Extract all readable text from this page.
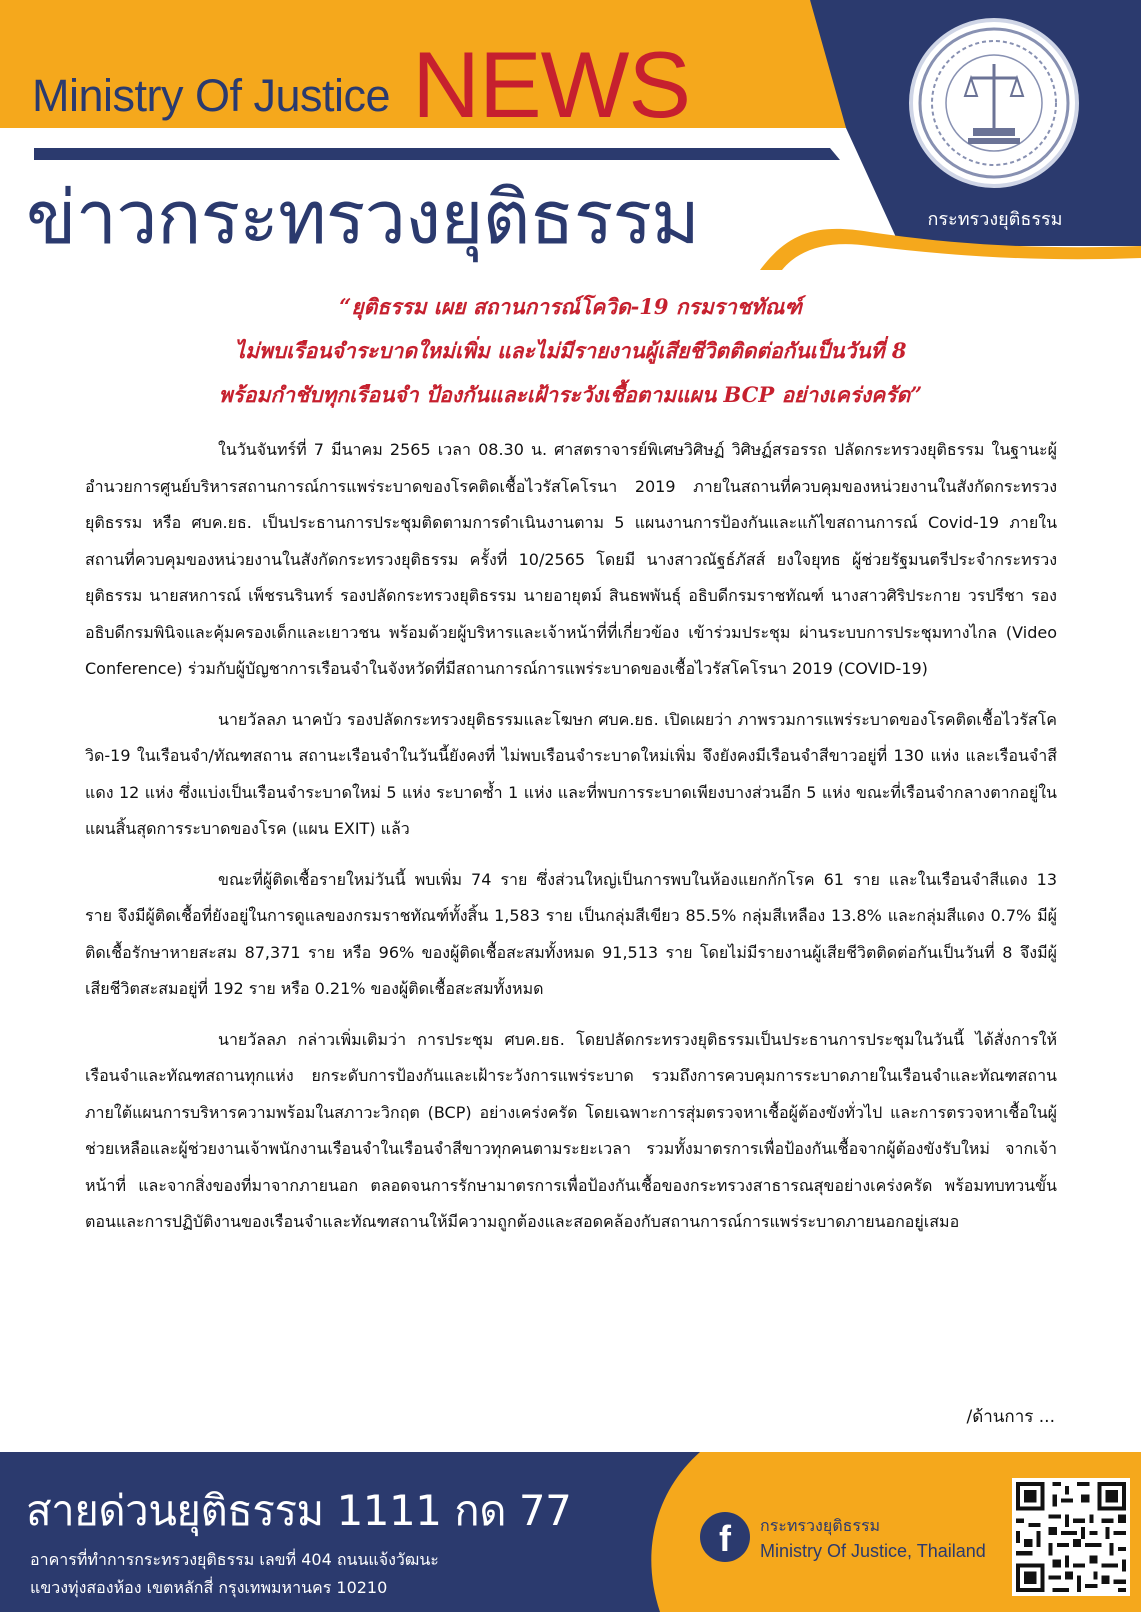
Ministry Of Justice NEWS
ข่าวกระทรวงยุติธรรม	กระทรวงยุติธรรม
“ยุติธรรม เผย สถานการณ์โควิด-19 กรมราชทัณฑ์
ไม่พบเรือนจำระบาดใหม่เพิ่ม และไม่มีรายงานผู้เสียชีวิตติดต่อกันเป็นวันที่ 8
พร้อมกำชับทุกเรือนจำ ป้องกันและเฝ้าระวังเชื้อตามแผน BCP อย่างเคร่งครัด”

ในวันจันทร์ที่ 7 มีนาคม 2565 เวลา 08.30 น. ศาสตราจารย์พิเศษวิศิษฏ์ วิศิษฏ์สรอรรถ ปลัดกระทรวงยุติธรรม ในฐานะผู้อำนวยการศูนย์บริหารสถานการณ์การแพร่ระบาดของโรคติดเชื้อไวรัสโคโรนา 2019 ภายในสถานที่ควบคุมของหน่วยงานในสังกัดกระทรวงยุติธรรม หรือ ศบค.ยธ. เป็นประธานการประชุมติดตามการดำเนินงานตาม 5 แผนงานการป้องกันและแก้ไขสถานการณ์ Covid-19 ภายในสถานที่ควบคุมของหน่วยงานในสังกัดกระทรวงยุติธรรม ครั้งที่ 10/2565 โดยมี นางสาวณัฐธ์ภัสส์ ยงใจยุทธ ผู้ช่วยรัฐมนตรีประจำกระทรวงยุติธรรม นายสหการณ์ เพ็ชรนรินทร์ รองปลัดกระทรวงยุติธรรม นายอายุตม์ สินธพพันธุ์ อธิบดีกรมราชทัณฑ์ นางสาวศิริประกาย วรปรีชา รองอธิบดีกรมพินิจและคุ้มครองเด็กและเยาวชน พร้อมด้วยผู้บริหารและเจ้าหน้าที่ที่เกี่ยวข้อง เข้าร่วมประชุม ผ่านระบบการประชุมทางไกล (Video Conference) ร่วมกับผู้บัญชาการเรือนจำในจังหวัดที่มีสถานการณ์การแพร่ระบาดของเชื้อไวรัสโคโรนา 2019 (COVID-19)

นายวัลลภ นาคบัว รองปลัดกระทรวงยุติธรรมและโฆษก ศบค.ยธ. เปิดเผยว่า ภาพรวมการแพร่ระบาดของโรคติดเชื้อไวรัสโควิด-19 ในเรือนจำ/ทัณฑสถาน สถานะเรือนจำในวันนี้ยังคงที่ ไม่พบเรือนจำระบาดใหม่เพิ่ม จึงยังคงมีเรือนจำสีขาวอยู่ที่ 130 แห่ง และเรือนจำสีแดง 12 แห่ง ซึ่งแบ่งเป็นเรือนจำระบาดใหม่ 5 แห่ง ระบาดซ้ำ 1 แห่ง และที่พบการระบาดเพียงบางส่วนอีก 5 แห่ง ขณะที่เรือนจำกลางตากอยู่ในแผนสิ้นสุดการระบาดของโรค (แผน EXIT) แล้ว

ขณะที่ผู้ติดเชื้อรายใหม่วันนี้ พบเพิ่ม 74 ราย ซึ่งส่วนใหญ่เป็นการพบในห้องแยกกักโรค 61 ราย และในเรือนจำสีแดง 13 ราย จึงมีผู้ติดเชื้อที่ยังอยู่ในการดูแลของกรมราชทัณฑ์ทั้งสิ้น 1,583 ราย เป็นกลุ่มสีเขียว 85.5% กลุ่มสีเหลือง 13.8% และกลุ่มสีแดง 0.7% มีผู้ติดเชื้อรักษาหายสะสม 87,371 ราย หรือ 96% ของผู้ติดเชื้อสะสมทั้งหมด 91,513 ราย โดยไม่มีรายงานผู้เสียชีวิตติดต่อกันเป็นวันที่ 8 จึงมีผู้เสียชีวิตสะสมอยู่ที่ 192 ราย หรือ 0.21% ของผู้ติดเชื้อสะสมทั้งหมด

นายวัลลภ กล่าวเพิ่มเติมว่า การประชุม ศบค.ยธ. โดยปลัดกระทรวงยุติธรรมเป็นประธานการประชุมในวันนี้ ได้สั่งการให้เรือนจำและทัณฑสถานทุกแห่ง ยกระดับการป้องกันและเฝ้าระวังการแพร่ระบาด รวมถึงการควบคุมการระบาดภายในเรือนจำและทัณฑสถานภายใต้แผนการบริหารความพร้อมในสภาวะวิกฤต (BCP) อย่างเคร่งครัด โดยเฉพาะการสุ่มตรวจหาเชื้อผู้ต้องขังทั่วไป และการตรวจหาเชื้อในผู้ช่วยเหลือและผู้ช่วยงานเจ้าพนักงานเรือนจำในเรือนจำสีขาวทุกคนตามระยะเวลา รวมทั้งมาตรการเพื่อป้องกันเชื้อจากผู้ต้องขังรับใหม่ จากเจ้าหน้าที่ และจากสิ่งของที่มาจากภายนอก ตลอดจนการรักษามาตรการเพื่อป้องกันเชื้อของกระทรวงสาธารณสุขอย่างเคร่งครัด พร้อมทบทวนขั้นตอนและการปฏิบัติงานของเรือนจำและทัณฑสถานให้มีความถูกต้องและสอดคล้องกับสถานการณ์การแพร่ระบาดภายนอกอยู่เสมอ

/ด้านการ ...
สายด่วนยุติธรรม 1111 กด 77
อาคารที่ทำการกระทรวงยุติธรรม เลขที่ 404 ถนนแจ้งวัฒนะ
แขวงทุ่งสองห้อง เขตหลักสี่ กรุงเทพมหานคร 10210
f	กระทรวงยุติธรรม
Ministry Of Justice, Thailand
